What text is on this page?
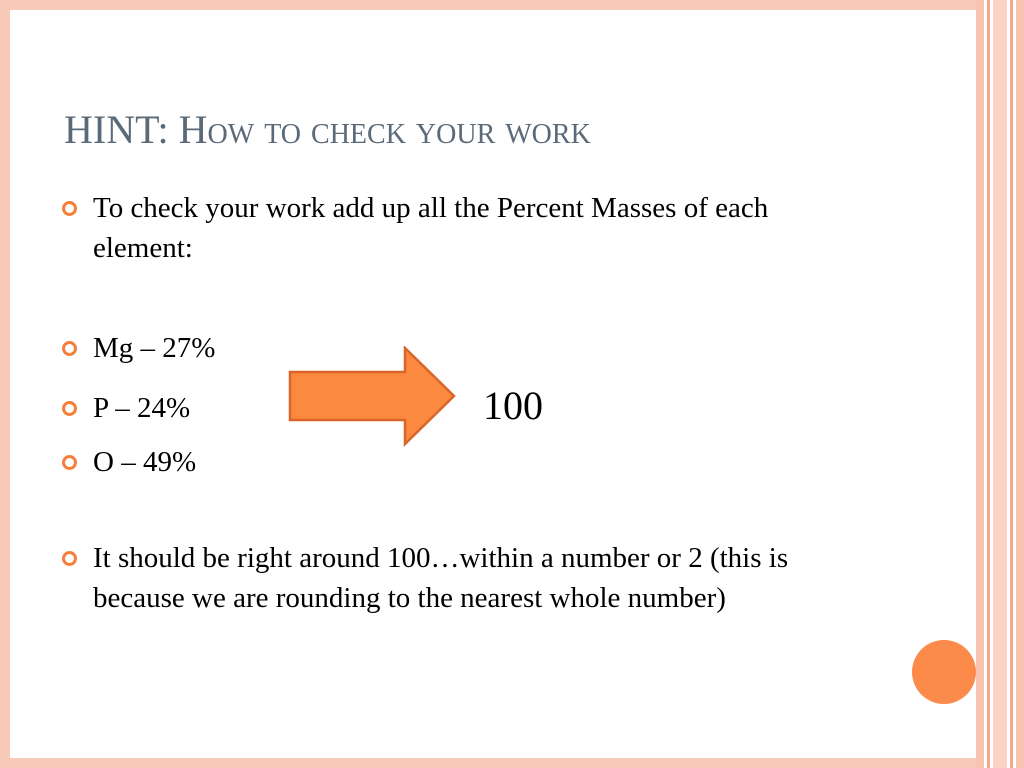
HINT: How to check your work
To check your work add up all the Percent Masses of each element:
Mg – 27%
P – 24%
O – 49%
It should be right around 100…within a number or 2 (this is because we are rounding to the nearest whole number)
100
